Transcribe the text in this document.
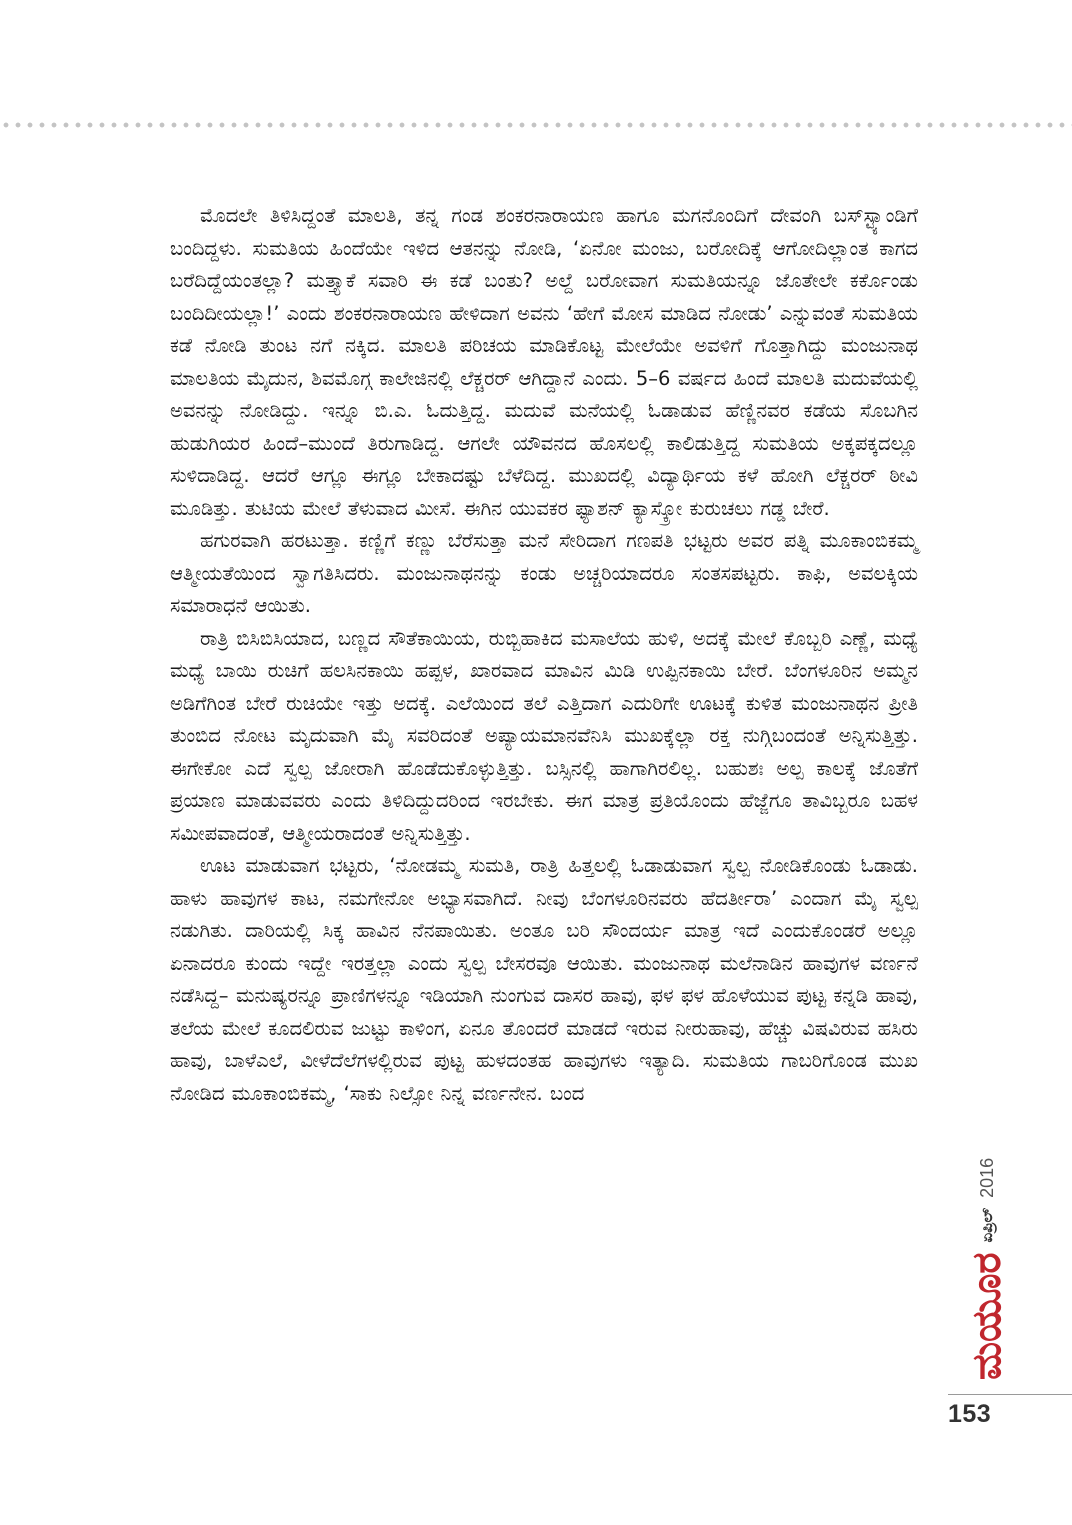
ಮೊದಲೇ ತಿಳಿಸಿದ್ದಂತೆ ಮಾಲತಿ, ತನ್ನ ಗಂಡ ಶಂಕರನಾರಾಯಣ ಹಾಗೂ ಮಗನೊಂದಿಗೆ ದೇವಂಗಿ ಬಸ್‌ಸ್ಟ್ಯಾಂಡಿಗೆ ಬಂದಿದ್ದಳು. ಸುಮತಿಯ ಹಿಂದೆಯೇ ಇಳಿದ ಆತನನ್ನು ನೋಡಿ, ‘ಏನೋ ಮಂಜು, ಬರೋದಿಕ್ಕೆ ಆಗೋದಿಲ್ಲಾಂತ ಕಾಗದ ಬರೆದಿದ್ದೆಯಂತಲ್ಲಾ? ಮತ್ತ್ಯಾಕೆ ಸವಾರಿ ಈ ಕಡೆ ಬಂತು? ಅಲ್ದೆ ಬರೋವಾಗ ಸುಮತಿಯನ್ನೂ ಜೊತೇಲೇ ಕರ್ಕೊಂಡು ಬಂದಿದೀಯಲ್ಲಾ!’ ಎಂದು ಶಂಕರನಾರಾಯಣ ಹೇಳಿದಾಗ ಅವನು ‘ಹೇಗೆ ಮೋಸ ಮಾಡಿದ ನೋಡು’ ಎನ್ನುವಂತೆ ಸುಮತಿಯ ಕಡೆ ನೋಡಿ ತುಂಟ ನಗೆ ನಕ್ಕಿದ. ಮಾಲತಿ ಪರಿಚಯ ಮಾಡಿಕೊಟ್ಟ ಮೇಲೆಯೇ ಅವಳಿಗೆ ಗೊತ್ತಾಗಿದ್ದು ಮಂಜುನಾಥ ಮಾಲತಿಯ ಮೈದುನ, ಶಿವಮೊಗ್ಗ ಕಾಲೇಜಿನಲ್ಲಿ ಲೆಕ್ಚರರ್ ಆಗಿದ್ದಾನೆ ಎಂದು. 5–6 ವರ್ಷದ ಹಿಂದೆ ಮಾಲತಿ ಮದುವೆಯಲ್ಲಿ ಅವನನ್ನು ನೋಡಿದ್ದು. ಇನ್ನೂ ಬಿ.ಎ. ಓದುತ್ತಿದ್ದ. ಮದುವೆ ಮನೆಯಲ್ಲಿ ಓಡಾಡುವ ಹೆಣ್ಣಿನವರ ಕಡೆಯ ಸೊಬಗಿನ ಹುಡುಗಿಯರ ಹಿಂದೆ–ಮುಂದೆ ತಿರುಗಾಡಿದ್ದ. ಆಗಲೇ ಯೌವನದ ಹೊಸಲಲ್ಲಿ ಕಾಲಿಡುತ್ತಿದ್ದ ಸುಮತಿಯ ಅಕ್ಕಪಕ್ಕದಲ್ಲೂ ಸುಳಿದಾಡಿದ್ದ. ಆದರೆ ಆಗ್ಲೂ ಈಗ್ಲೂ ಬೇಕಾದಷ್ಟು ಬೆಳೆದಿದ್ದ. ಮುಖದಲ್ಲಿ ವಿದ್ಯಾರ್ಥಿಯ ಕಳೆ ಹೋಗಿ ಲೆಕ್ಚರರ್ ಠೀವಿ ಮೂಡಿತ್ತು. ತುಟಿಯ ಮೇಲೆ ತೆಳುವಾದ ಮೀಸೆ. ಈಗಿನ ಯುವಕರ ಫ್ಯಾಶನ್ ಕ್ಯಾಸ್ಕ್ರೋ ಕುರುಚಲು ಗಡ್ಡ ಬೇರೆ.

ಹಗುರವಾಗಿ ಹರಟುತ್ತಾ. ಕಣ್ಣಿಗೆ ಕಣ್ಣು ಬೆರೆಸುತ್ತಾ ಮನೆ ಸೇರಿದಾಗ ಗಣಪತಿ ಭಟ್ಟರು ಅವರ ಪತ್ನಿ ಮೂಕಾಂಬಿಕಮ್ಮ ಆತ್ಮೀಯತೆಯಿಂದ ಸ್ವಾಗತಿಸಿದರು. ಮಂಜುನಾಥನನ್ನು ಕಂಡು ಅಚ್ಚರಿಯಾದರೂ ಸಂತಸಪಟ್ಟರು. ಕಾಫಿ, ಅವಲಕ್ಕಿಯ ಸಮಾರಾಧನೆ ಆಯಿತು.

ರಾತ್ರಿ ಬಿಸಿಬಿಸಿಯಾದ, ಬಣ್ಣದ ಸೌತೆಕಾಯಿಯ, ರುಬ್ಬಿಹಾಕಿದ ಮಸಾಲೆಯ ಹುಳಿ, ಅದಕ್ಕೆ ಮೇಲೆ ಕೊಬ್ಬರಿ ಎಣ್ಣೆ, ಮಧ್ಯೆ ಮಧ್ಯೆ ಬಾಯಿ ರುಚಿಗೆ ಹಲಸಿನಕಾಯಿ ಹಪ್ಪಳ, ಖಾರವಾದ ಮಾವಿನ ಮಿಡಿ ಉಪ್ಪಿನಕಾಯಿ ಬೇರೆ. ಬೆಂಗಳೂರಿನ ಅಮ್ಮನ ಅಡಿಗೆಗಿಂತ ಬೇರೆ ರುಚಿಯೇ ಇತ್ತು ಅದಕ್ಕೆ. ಎಲೆಯಿಂದ ತಲೆ ಎತ್ತಿದಾಗ ಎದುರಿಗೇ ಊಟಕ್ಕೆ ಕುಳಿತ ಮಂಜುನಾಥನ ಪ್ರೀತಿ ತುಂಬಿದ ನೋಟ ಮೃದುವಾಗಿ ಮೈ ಸವರಿದಂತೆ ಅಪ್ಯಾಯಮಾನವೆನಿಸಿ ಮುಖಕ್ಕೆಲ್ಲಾ ರಕ್ತ ನುಗ್ಗಿಬಂದಂತೆ ಅನ್ನಿಸುತ್ತಿತ್ತು. ಈಗೇಕೋ ಎದೆ ಸ್ವಲ್ಪ ಜೋರಾಗಿ ಹೊಡೆದುಕೊಳ್ಳುತ್ತಿತ್ತು. ಬಸ್ಸಿನಲ್ಲಿ ಹಾಗಾಗಿರಲಿಲ್ಲ. ಬಹುಶಃ ಅಲ್ಪ ಕಾಲಕ್ಕೆ ಜೊತೆಗೆ ಪ್ರಯಾಣ ಮಾಡುವವರು ಎಂದು ತಿಳಿದಿದ್ದುದರಿಂದ ಇರಬೇಕು. ಈಗ ಮಾತ್ರ ಪ್ರತಿಯೊಂದು ಹೆಜ್ಜೆಗೂ ತಾವಿಬ್ಬರೂ ಬಹಳ ಸಮೀಪವಾದಂತೆ, ಆತ್ಮೀಯರಾದಂತೆ ಅನ್ನಿಸುತ್ತಿತ್ತು.

ಊಟ ಮಾಡುವಾಗ ಭಟ್ಟರು, ‘ನೋಡಮ್ಮ ಸುಮತಿ, ರಾತ್ರಿ ಹಿತ್ತಲಲ್ಲಿ ಓಡಾಡುವಾಗ ಸ್ವಲ್ಪ ನೋಡಿಕೊಂಡು ಓಡಾಡು. ಹಾಳು ಹಾವುಗಳ ಕಾಟ, ನಮಗೇನೋ ಅಭ್ಯಾಸವಾಗಿದೆ. ನೀವು ಬೆಂಗಳೂರಿನವರು ಹೆದರ್ತೀರಾ’ ಎಂದಾಗ ಮೈ ಸ್ವಲ್ಪ ನಡುಗಿತು. ದಾರಿಯಲ್ಲಿ ಸಿಕ್ಕ ಹಾವಿನ ನೆನಪಾಯಿತು. ಅಂತೂ ಬರಿ ಸೌಂದರ್ಯ ಮಾತ್ರ ಇದೆ ಎಂದುಕೊಂಡರೆ ಅಲ್ಲೂ ಏನಾದರೂ ಕುಂದು ಇದ್ದೇ ಇರತ್ತಲ್ಲಾ ಎಂದು ಸ್ವಲ್ಪ ಬೇಸರವೂ ಆಯಿತು. ಮಂಜುನಾಥ ಮಲೆನಾಡಿನ ಹಾವುಗಳ ವರ್ಣನೆ ನಡೆಸಿದ್ದ– ಮನುಷ್ಯರನ್ನೂ ಪ್ರಾಣಿಗಳನ್ನೂ ಇಡಿಯಾಗಿ ನುಂಗುವ ದಾಸರ ಹಾವು, ಫಳ ಫಳ ಹೊಳೆಯುವ ಪುಟ್ಟ ಕನ್ನಡಿ ಹಾವು, ತಲೆಯ ಮೇಲೆ ಕೂದಲಿರುವ ಜುಟ್ಟು ಕಾಳಿಂಗ, ಏನೂ ತೊಂದರೆ ಮಾಡದೆ ಇರುವ ನೀರುಹಾವು, ಹೆಚ್ಚು ವಿಷವಿರುವ ಹಸಿರು ಹಾವು, ಬಾಳೆಎಲೆ, ವೀಳೆದೆಲೆಗಳಲ್ಲಿರುವ ಪುಟ್ಟ ಹುಳದಂತಹ ಹಾವುಗಳು ಇತ್ಯಾದಿ. ಸುಮತಿಯ ಗಾಬರಿಗೊಂಡ ಮುಖ ನೋಡಿದ ಮೂಕಾಂಬಿಕಮ್ಮ, ‘ಸಾಕು ನಿಲ್ಸೋ ನಿನ್ನ ವರ್ಣನೇನ. ಬಂದ

ಮಯೂರ
ಏಪ್ರಿಲ್
2016
153
